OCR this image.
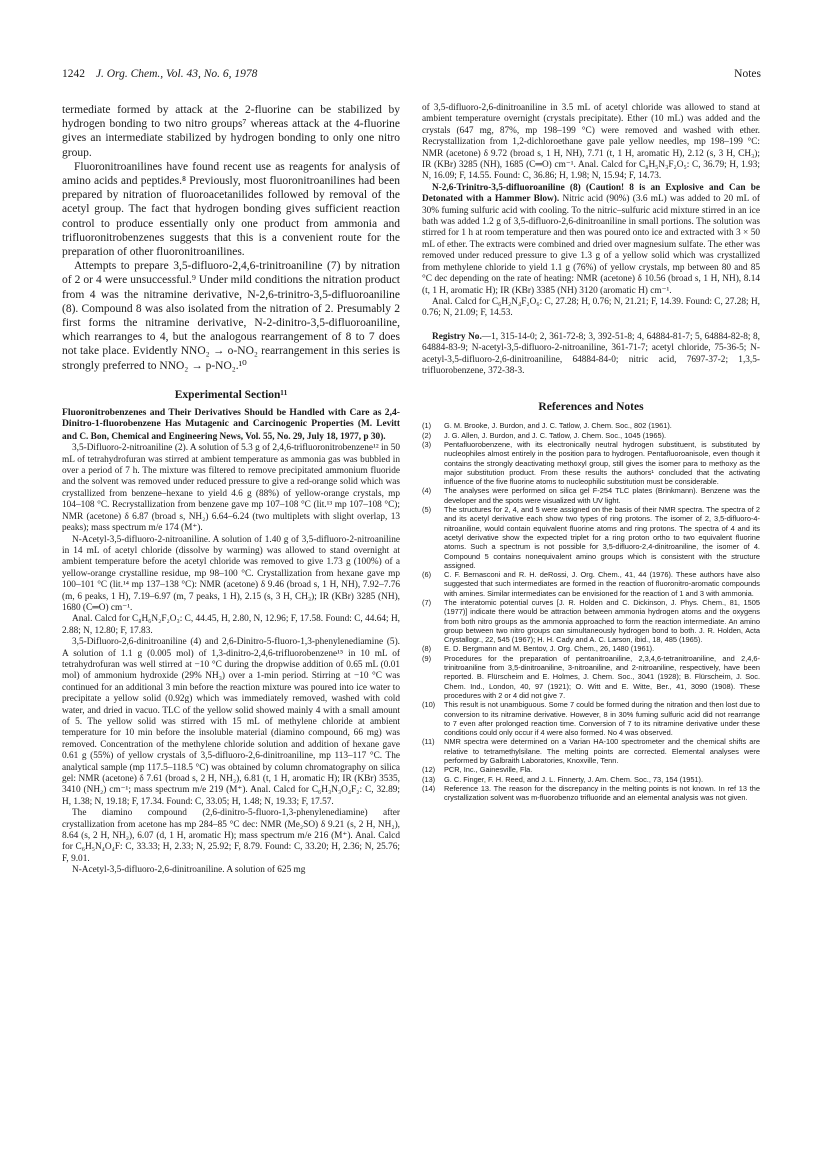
1242 J. Org. Chem., Vol. 43, No. 6, 1978	Notes

termediate formed by attack at the 2-fluorine can be stabilized by hydrogen bonding to two nitro groups⁷ whereas attack at the 4-fluorine gives an intermediate stabilized by hydrogen bonding to only one nitro group.

Fluoronitroanilines have found recent use as reagents for analysis of amino acids and peptides.⁸ Previously, most fluoronitroanilines had been prepared by nitration of fluoroacetanilides followed by removal of the acetyl group. The fact that hydrogen bonding gives sufficient reaction control to produce essentially only one product from ammonia and trifluoronitrobenzenes suggests that this is a convenient route for the preparation of other fluoronitroanilines.

Attempts to prepare 3,5-difluoro-2,4,6-trinitroaniline (7) by nitration of 2 or 4 were unsuccessful.⁹ Under mild conditions the nitration product from 4 was the nitramine derivative, N-2,6-trinitro-3,5-difluoroaniline (8). Compound 8 was also isolated from the nitration of 2. Presumably 2 first forms the nitramine derivative, N-2-dinitro-3,5-difluoroaniline, which rearranges to 4, but the analogous rearrangement of 8 to 7 does not take place. Evidently NNO₂ → o-NO₂ rearrangement in this series is strongly preferred to NNO₂ → p-NO₂.¹⁰

Experimental Section¹¹

Fluoronitrobenzenes and Their Derivatives Should be Handled with Care as 2,4-Dinitro-1-fluorobenzene Has Mutagenic and Carcinogenic Properties (M. Levitt and C. Bon, Chemical and Engineering News, Vol. 55, No. 29, July 18, 1977, p 30).

3,5-Difluoro-2-nitroaniline (2). A solution of 5.3 g of 2,4,6-trifluoronitrobenzene¹² in 50 mL of tetrahydrofuran was stirred at ambient temperature as ammonia gas was bubbled in over a period of 7 h. The mixture was filtered to remove precipitated ammonium fluoride and the solvent was removed under reduced pressure to give a red-orange solid which was crystallized from benzene–hexane to yield 4.6 g (88%) of yellow-orange crystals, mp 104–108 °C. Recrystallization from benzene gave mp 107–108 °C (lit.¹³ mp 107–108 °C); NMR (acetone) δ 6.87 (broad s, NH₂) 6.64–6.24 (two multiplets with slight overlap, 13 peaks); mass spectrum m/e 174 (M⁺).

N-Acetyl-3,5-difluoro-2-nitroaniline. A solution of 1.40 g of 3,5-difluoro-2-nitroaniline in 14 mL of acetyl chloride (dissolve by warming) was allowed to stand overnight at ambient temperature before the acetyl chloride was removed to give 1.73 g (100%) of a yellow-orange crystalline residue, mp 98–100 °C. Crystallization from hexane gave mp 100–101 °C (lit.¹⁴ mp 137–138 °C): NMR (acetone) δ 9.46 (broad s, 1 H, NH), 7.92–7.76 (m, 6 peaks, 1 H), 7.19–6.97 (m, 7 peaks, 1 H), 2.15 (s, 3 H, CH₃); IR (KBr) 3285 (NH), 1680 (C═O) cm⁻¹.

Anal. Calcd for C₈H₆N₂F₂O₃: C, 44.45, H, 2.80, N, 12.96; F, 17.58. Found: C, 44.64; H, 2.88; N, 12.80; F, 17.83.

3,5-Difluoro-2,6-dinitroaniline (4) and 2,6-Dinitro-5-fluoro-1,3-phenylenediamine (5). A solution of 1.1 g (0.005 mol) of 1,3-dinitro-2,4,6-trifluorobenzene¹⁵ in 10 mL of tetrahydrofuran was well stirred at −10 °C during the dropwise addition of 0.65 mL (0.01 mol) of ammonium hydroxide (29% NH₃) over a 1-min period. Stirring at −10 °C was continued for an additional 3 min before the reaction mixture was poured into ice water to precipitate a yellow solid (0.92g) which was immediately removed, washed with cold water, and dried in vacuo. TLC of the yellow solid showed mainly 4 with a small amount of 5. The yellow solid was stirred with 15 mL of methylene chloride at ambient temperature for 10 min before the insoluble material (diamino compound, 66 mg) was removed. Concentration of the methylene chloride solution and addition of hexane gave 0.61 g (55%) of yellow crystals of 3,5-difluoro-2,6-dinitroaniline, mp 113–117 °C. The analytical sample (mp 117.5–118.5 °C) was obtained by column chromatography on silica gel: NMR (acetone) δ 7.61 (broad s, 2 H, NH₂), 6.81 (t, 1 H, aromatic H); IR (KBr) 3535, 3410 (NH₂) cm⁻¹; mass spectrum m/e 219 (M⁺). Anal. Calcd for C₆H₃N₃O₄F₂: C, 32.89; H, 1.38; N, 19.18; F, 17.34. Found: C, 33.05; H, 1.48; N, 19.33; F, 17.57.

The diamino compound (2,6-dinitro-5-fluoro-1,3-phenylenediamine) after crystallization from acetone has mp 284–85 °C dec: NMR (Me₂SO) δ 9.21 (s, 2 H, NH₂), 8.64 (s, 2 H, NH₂), 6.07 (d, 1 H, aromatic H); mass spectrum m/e 216 (M⁺). Anal. Calcd for C₆H₅N₄O₄F: C, 33.33; H, 2.33; N, 25.92; F, 8.79. Found: C, 33.20; H, 2.36; N, 25.76; F, 9.01.

N-Acetyl-3,5-difluoro-2,6-dinitroaniline. A solution of 625 mg

of 3,5-difluoro-2,6-dinitroaniline in 3.5 mL of acetyl chloride was allowed to stand at ambient temperature overnight (crystals precipitate). Ether (10 mL) was added and the crystals (647 mg, 87%, mp 198–199 °C) were removed and washed with ether. Recrystallization from 1,2-dichloroethane gave pale yellow needles, mp 198–199 °C: NMR (acetone) δ 9.72 (broad s, 1 H, NH), 7.71 (t, 1 H, aromatic H), 2.12 (s, 3 H, CH₃); IR (KBr) 3285 (NH), 1685 (C═O) cm⁻¹. Anal. Calcd for C₈H₅N₃F₂O₅: C, 36.79; H, 1.93; N, 16.09; F, 14.55. Found: C, 36.86; H, 1.98; N, 15.94; F, 14.73.

N-2,6-Trinitro-3,5-difluoroaniline (8) (Caution! 8 is an Explosive and Can be Detonated with a Hammer Blow). Nitric acid (90%) (3.6 mL) was added to 20 mL of 30% fuming sulfuric acid with cooling. To the nitric–sulfuric acid mixture stirred in an ice bath was added 1.2 g of 3,5-difluoro-2,6-dinitroaniline in small portions. The solution was stirred for 1 h at room temperature and then was poured onto ice and extracted with 3 × 50 mL of ether. The extracts were combined and dried over magnesium sulfate. The ether was removed under reduced pressure to give 1.3 g of a yellow solid which was crystallized from methylene chloride to yield 1.1 g (76%) of yellow crystals, mp between 80 and 85 °C dec depending on the rate of heating: NMR (acetone) δ 10.56 (broad s, 1 H, NH), 8.14 (t, 1 H, aromatic H); IR (KBr) 3385 (NH) 3120 (aromatic H) cm⁻¹.

Anal. Calcd for C₆H₂N₄F₂O₆: C, 27.28; H, 0.76; N, 21.21; F, 14.39. Found: C, 27.28; H, 0.76; N, 21.09; F, 14.53.

Registry No.—1, 315-14-0; 2, 361-72-8; 3, 392-51-8; 4, 64884-81-7; 5, 64884-82-8; 8, 64884-83-9; N-acetyl-3,5-difluoro-2-nitroaniline, 361-71-7; acetyl chloride, 75-36-5; N-acetyl-3,5-difluoro-2,6-dinitroaniline, 64884-84-0; nitric acid, 7697-37-2; 1,3,5-trifluorobenzene, 372-38-3.

References and Notes
(1)	G. M. Brooke, J. Burdon, and J. C. Tatlow, J. Chem. Soc., 802 (1961).
(2)	J. G. Allen, J. Burdon, and J. C. Tatlow, J. Chem. Soc., 1045 (1965).
(3)	Pentafluorobenzene, with its electronically neutral hydrogen substituent, is substituted by nucleophiles almost entirely in the position para to hydrogen. Pentafluoroanisole, even though it contains the strongly deactivating methoxyl group, still gives the isomer para to methoxy as the major substitution product. From these results the authors¹ concluded that the activating influence of the five fluorine atoms to nucleophilic substitution must be considerable.
(4)	The analyses were performed on silica gel F-254 TLC plates (Brinkmann). Benzene was the developer and the spots were visualized with UV light.
(5)	The structures for 2, 4, and 5 were assigned on the basis of their NMR spectra. The spectra of 2 and its acetyl derivative each show two types of ring protons. The isomer of 2, 3,5-difluoro-4-nitroaniline, would contain equivalent fluorine atoms and ring protons. The spectra of 4 and its acetyl derivative show the expected triplet for a ring proton ortho to two equivalent fluorine atoms. Such a spectrum is not possible for 3,5-difluoro-2,4-dinitroaniline, the isomer of 4. Compound 5 contains nonequivalent amino groups which is consistent with the structure assigned.
(6)	C. F. Bernasconi and R. H. deRossi, J. Org. Chem., 41, 44 (1976). These authors have also suggested that such intermediates are formed in the reaction of fluoronitro-aromatic compounds with amines. Similar intermediates can be envisioned for the reaction of 1 and 3 with ammonia.
(7)	The interatomic potential curves [J. R. Holden and C. Dickinson, J. Phys. Chem., 81, 1505 (1977)] indicate there would be attraction between ammonia hydrogen atoms and the oxygens from both nitro groups as the ammonia approached to form the reaction intermediate. An amino group between two nitro groups can simultaneously hydrogen bond to both. J. R. Holden, Acta Crystallogr., 22, 545 (1967); H. H. Cady and A. C. Larson, ibid., 18, 485 (1965).
(8)	E. D. Bergmann and M. Bentov, J. Org. Chem., 26, 1480 (1961).
(9)	Procedures for the preparation of pentanitroaniline, 2,3,4,6-tetranitroaniline, and 2,4,6-trinitroaniline from 3,5-dinitroaniline, 3-nitroaniline, and 2-nitroaniline, respectively, have been reported. B. Flürscheim and E. Holmes, J. Chem. Soc., 3041 (1928); B. Flürscheim, J. Soc. Chem. Ind., London, 40, 97 (1921); O. Witt and E. Witte, Ber., 41, 3090 (1908). These procedures with 2 or 4 did not give 7.
(10)	This result is not unambiguous. Some 7 could be formed during the nitration and then lost due to conversion to its nitramine derivative. However, 8 in 30% fuming sulfuric acid did not rearrange to 7 even after prolonged reaction time. Conversion of 7 to its nitramine derivative under these conditions could only occur if 4 were also formed. No 4 was observed.
(11)	NMR spectra were determined on a Varian HA-100 spectrometer and the chemical shifts are relative to tetramethylsilane. The melting points are corrected. Elemental analyses were performed by Galbraith Laboratories, Knoxville, Tenn.
(12)	PCR, Inc., Gainesville, Fla.
(13)	G. C. Finger, F. H. Reed, and J. L. Finnerty, J. Am. Chem. Soc., 73, 154 (1951).
(14)	Reference 13. The reason for the discrepancy in the melting points is not known. In ref 13 the crystallization solvent was m-fluorobenzo trifluoride and an elemental analysis was not given.
